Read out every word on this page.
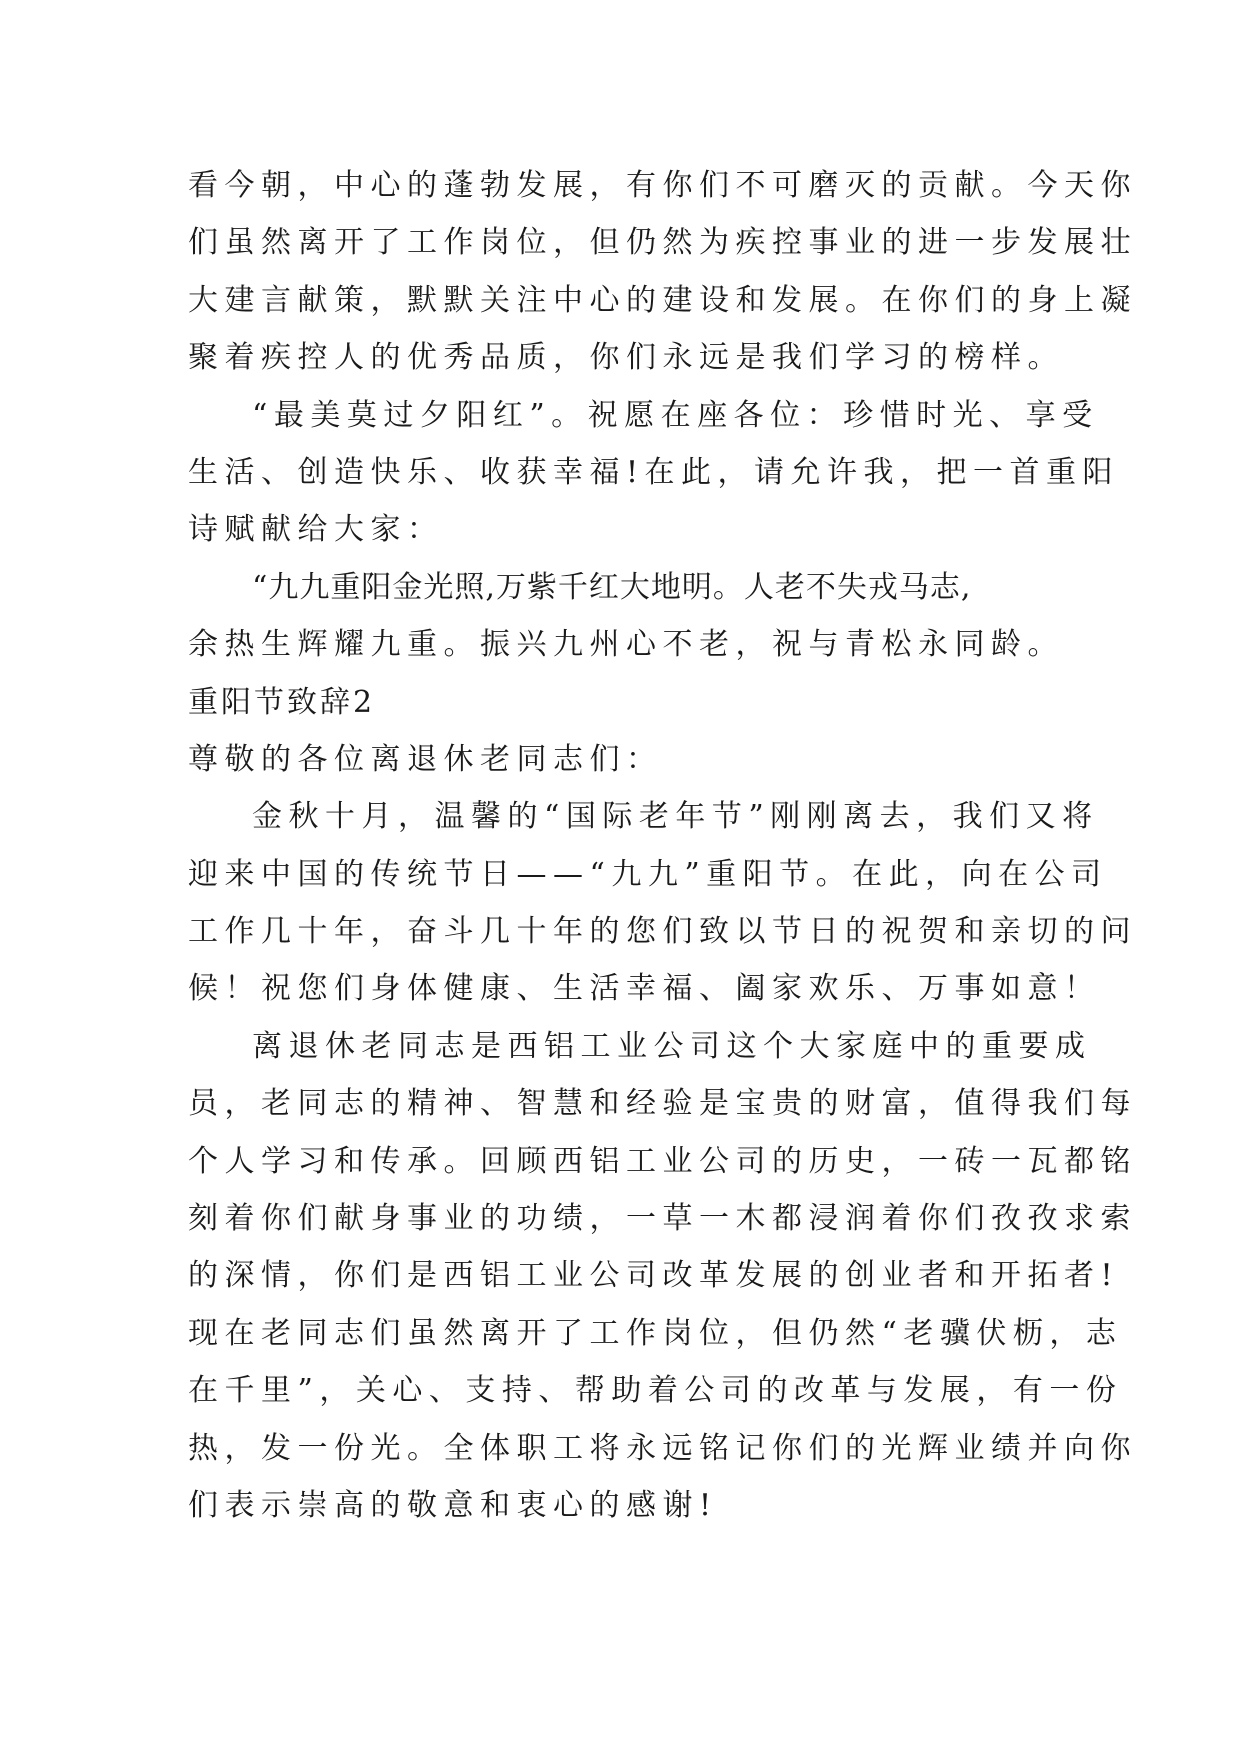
看今朝，中心的蓬勃发展，有你们不可磨灭的贡献。今天你
们虽然离开了工作岗位，但仍然为疾控事业的进一步发展壮
大建言献策，默默关注中心的建设和发展。在你们的身上凝
聚着疾控人的优秀品质，你们永远是我们学习的榜样。
“最美莫过夕阳红”。祝愿在座各位：珍惜时光、享受
生活、创造快乐、收获幸福!在此，请允许我，把一首重阳
诗赋献给大家：
“九九重阳金光照,万紫千红大地明。人老不失戎马志,
余热生辉耀九重。振兴九州心不老，祝与青松永同龄。
重阳节致辞2
尊敬的各位离退休老同志们：
金秋十月，温馨的“国际老年节”刚刚离去，我们又将
迎来中国的传统节日——“九九”重阳节。在此，向在公司
工作几十年，奋斗几十年的您们致以节日的祝贺和亲切的问
候！祝您们身体健康、生活幸福、阖家欢乐、万事如意！
离退休老同志是西铝工业公司这个大家庭中的重要成
员，老同志的精神、智慧和经验是宝贵的财富，值得我们每
个人学习和传承。回顾西铝工业公司的历史，一砖一瓦都铭
刻着你们献身事业的功绩，一草一木都浸润着你们孜孜求索
的深情，你们是西铝工业公司改革发展的创业者和开拓者!
现在老同志们虽然离开了工作岗位，但仍然“老骥伏枥，志
在千里”，关心、支持、帮助着公司的改革与发展，有一份
热，发一份光。全体职工将永远铭记你们的光辉业绩并向你
们表示崇高的敬意和衷心的感谢!
